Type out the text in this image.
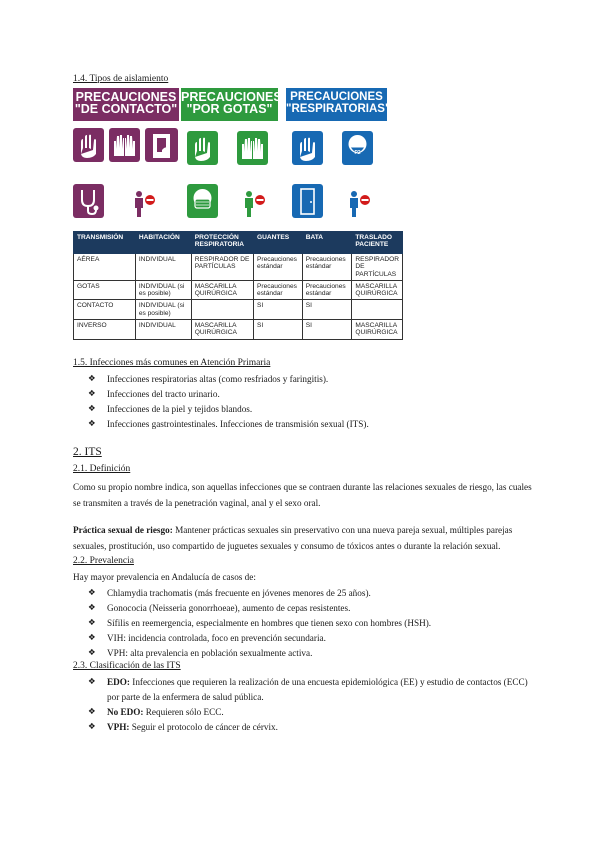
1.4. Tipos de aislamiento
PRECAUCIONES
"DE CONTACTO"
PRECAUCIONES
"POR GOTAS"
PRECAUCIONES
"RESPIRATORIAS"
P2
TRANSMISIÓN	HABITACIÓN	PROTECCIÓN RESPIRATORIA	GUANTES	BATA	TRASLADO PACIENTE
AÉREA	INDIVIDUAL	RESPIRADOR DE PARTÍCULAS	Precauciones estándar	Precauciones estándar	RESPIRADOR DE PARTÍCULAS
GOTAS	INDIVIDUAL (si es posible)	MASCARILLA QUIRÚRGICA	Precauciones estándar	Precauciones estándar	MASCARILLA QUIRÚRGICA
CONTACTO	INDIVIDUAL (si es posible)		SI	SI	
INVERSO	INDIVIDUAL	MASCARILLA QUIRÚRGICA	SI	SI	MASCARILLA QUIRÚRGICA
1.5. Infecciones más comunes en Atención Primaria
❖ Infecciones respiratorias altas (como resfriados y faringitis).
❖ Infecciones del tracto urinario.
❖ Infecciones de la piel y tejidos blandos.
❖ Infecciones gastrointestinales. Infecciones de transmisión sexual (ITS).
2. ITS
2.1. Definición
Como su propio nombre indica, son aquellas infecciones que se contraen durante las relaciones sexuales de riesgo, las cuales se transmiten a través de la penetración vaginal, anal y el sexo oral.
Práctica sexual de riesgo: Mantener prácticas sexuales sin preservativo con una nueva pareja sexual, múltiples parejas sexuales, prostitución, uso compartido de juguetes sexuales y consumo de tóxicos antes o durante la relación sexual.
2.2. Prevalencia
Hay mayor prevalencia en Andalucía de casos de:
❖ Chlamydia trachomatis (más frecuente en jóvenes menores de 25 años).
❖ Gonococia (Neisseria gonorrhoeae), aumento de cepas resistentes.
❖ Sífilis en reemergencia, especialmente en hombres que tienen sexo con hombres (HSH).
❖ VIH: incidencia controlada, foco en prevención secundaria.
❖ VPH: alta prevalencia en población sexualmente activa.
2.3. Clasificación de las ITS
❖ EDO: Infecciones que requieren la realización de una encuesta epidemiológica (EE) y estudio de contactos (ECC) por parte de la enfermera de salud pública.
❖ No EDO: Requieren sólo ECC.
❖ VPH: Seguir el protocolo de cáncer de cérvix.
